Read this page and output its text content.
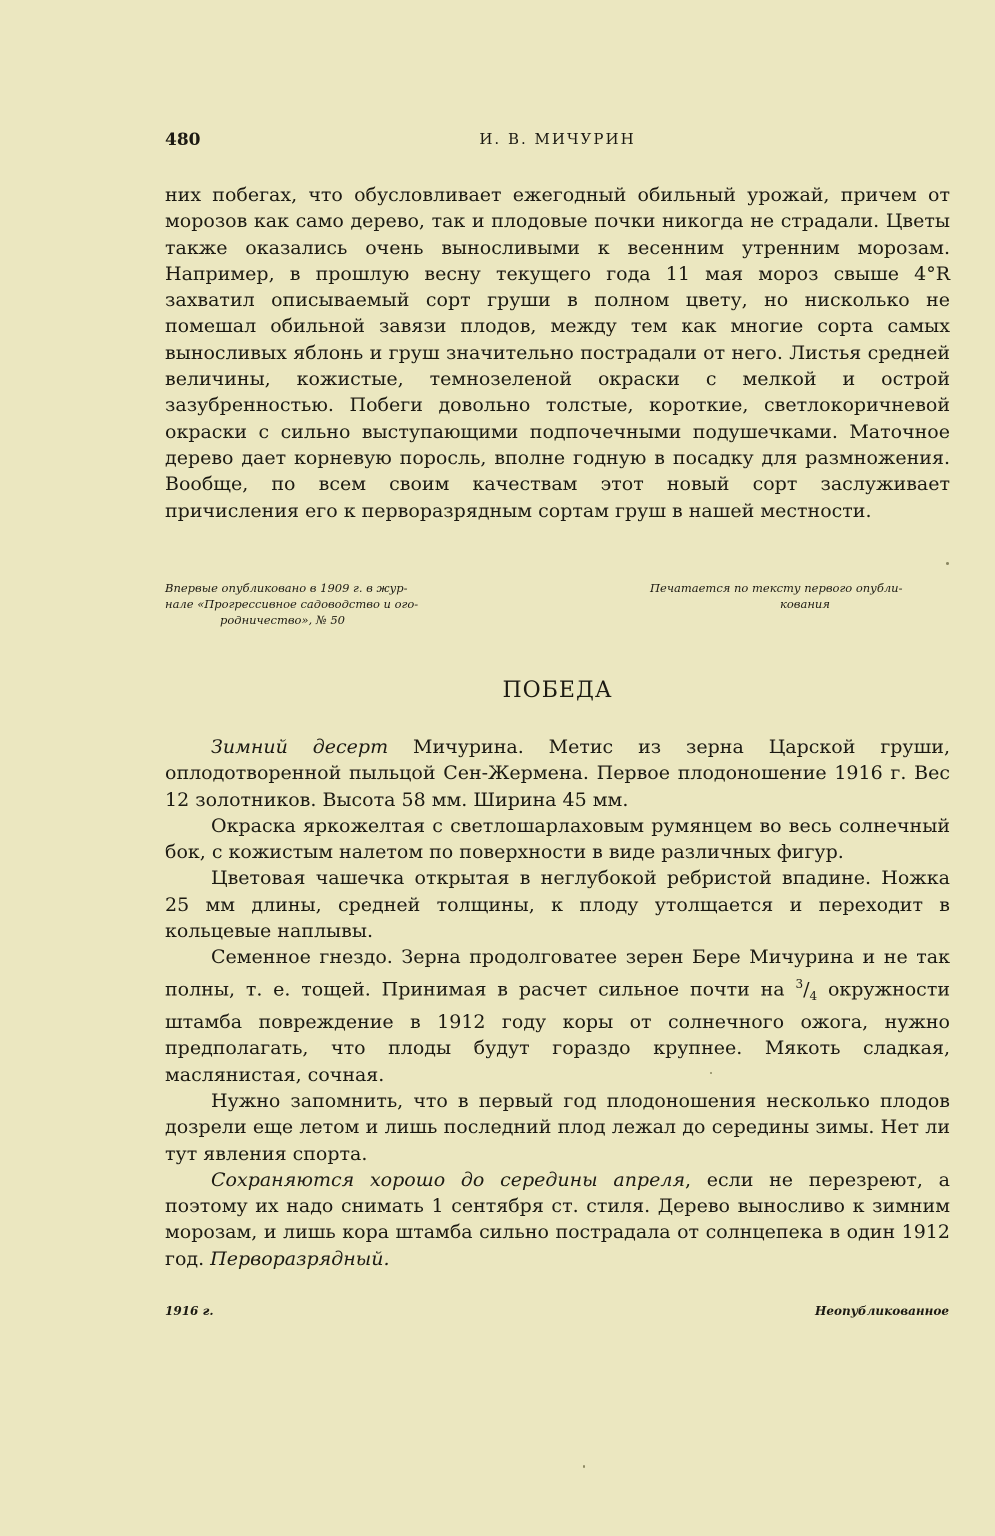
480	И. В. МИЧУРИН

них побегах, что обусловливает ежегодный обильный урожай, причем от морозов как само дерево, так и плодовые почки никогда не страдали. Цветы также оказались очень выносливыми к весенним утренним морозам. Например, в прошлую весну текущего года 11 мая мороз свыше 4°R захватил описываемый сорт груши в полном цвету, но нисколько не помешал обильной завязи плодов, между тем как многие сорта самых выносливых яблонь и груш значительно пострадали от него. Листья средней величины, кожистые, темнозеленой окраски с мелкой и острой зазубренностью. Побеги довольно толстые, короткие, светлокоричневой окраски с сильно выступающими подпочечными подушечками. Маточное дерево дает корневую поросль, вполне годную в посадку для размножения. Вообще, по всем своим качествам этот новый сорт заслуживает причисления его к перворазрядным сортам груш в нашей местности.

Впервые опубликовано в 1909 г. в жур-
нале «Прогрессивное садоводство и ого-
родничество», № 50
Печатается по тексту первого опубли-
кования
ПОБЕДА

Зимний десерт Мичурина. Метис из зерна Царской груши, оплодотворенной пыльцой Сен-Жермена. Первое плодоношение 1916 г. Вес 12 золотников. Высота 58 мм. Ширина 45 мм.

Окраска яркожелтая с светлошарлаховым румянцем во весь солнечный бок, с кожистым налетом по поверхности в виде различных фигур.

Цветовая чашечка открытая в неглубокой ребристой впадине. Ножка 25 мм длины, средней толщины, к плоду утолщается и переходит в кольцевые наплывы.

Семенное гнездо. Зерна продолговатее зерен Бере Мичурина и не так полны, т. е. тощей. Принимая в расчет сильное почти на $^3/_4$ окружности штамба повреждение в 1912 году коры от солнечного ожога, нужно предполагать, что плоды будут гораздо крупнее. Мякоть сладкая, маслянистая, сочная.

Нужно запомнить, что в первый год плодоношения несколько плодов дозрели еще летом и лишь последний плод лежал до середины зимы. Нет ли тут явления спорта.

Сохраняются хорошо до середины апреля, если не перезреют, а поэтому их надо снимать 1 сентября ст. стиля. Дерево выносливо к зимним морозам, и лишь кора штамба сильно пострадала от солнцепека в один 1912 год. Перворазрядный.

1916 г.	Неопубликованное
